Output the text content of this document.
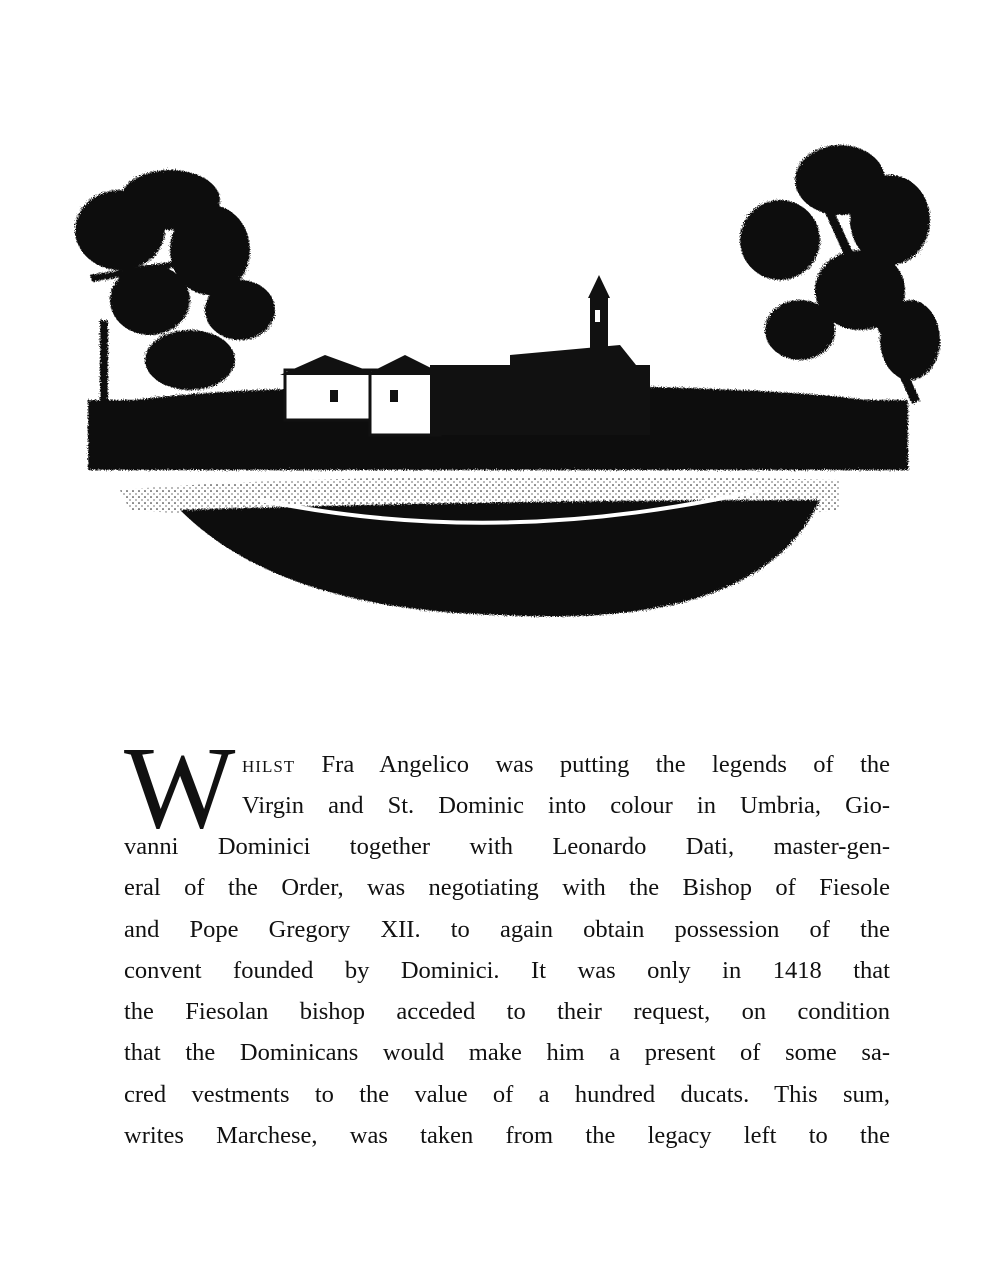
W hilst Fra Angelico was putting the legends of the
Virgin and St. Dominic into colour in Umbria, Gio-
vanni Dominici together with Leonardo Dati, master-gen-
eral of the Order, was negotiating with the Bishop of Fiesole
and Pope Gregory XII. to again obtain possession of the
convent founded by Dominici. It was only in 1418 that
the Fiesolan bishop acceded to their request, on condition
that the Dominicans would make him a present of some sa-
cred vestments to the value of a hundred ducats. This sum,
writes Marchese, was taken from the legacy left to the
